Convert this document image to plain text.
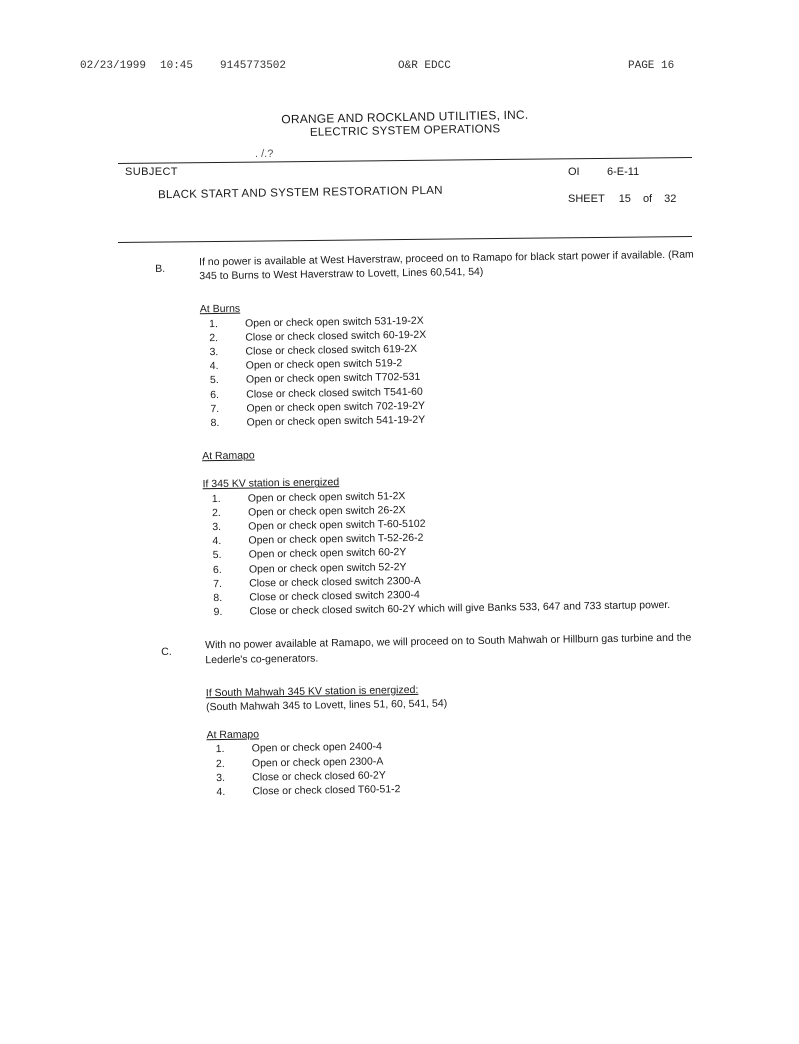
02/23/1999 10:45 9145773502	O&R EDCC	PAGE 16
ORANGE AND ROCKLAND UTILITIES, INC.
ELECTRIC SYSTEM OPERATIONS
. /.?
SUBJECT
BLACK START AND SYSTEM RESTORATION PLAN
OI 6-E-11
SHEET 15 of 32
B.
If no power is available at West Haverstraw, proceed on to Ramapo for black start power if available. (Ram 345 to Burns to West Haverstraw to Lovett, Lines 60,541, 54)
At Burns
1.	Open or check open switch 531-19-2X
2.	Close or check closed switch 60-19-2X
3.	Close or check closed switch 619-2X
4.	Open or check open switch 519-2
5.	Open or check open switch T702-531
6.	Close or check closed switch T541-60
7.	Open or check open switch 702-19-2Y
8.	Open or check open switch 541-19-2Y
At Ramapo
If 345 KV station is energized
1.	Open or check open switch 51-2X
2.	Open or check open switch 26-2X
3.	Open or check open switch T-60-5102
4.	Open or check open switch T-52-26-2
5.	Open or check open switch 60-2Y
6.	Open or check open switch 52-2Y
7.	Close or check closed switch 2300-A
8.	Close or check closed switch 2300-4
9.	Close or check closed switch 60-2Y which will give Banks 533, 647 and 733 startup power.
C.
With no power available at Ramapo, we will proceed on to South Mahwah or Hillburn gas turbine and the Lederle's co-generators.
If South Mahwah 345 KV station is energized:
(South Mahwah 345 to Lovett, lines 51, 60, 541, 54)
At Ramapo
1.	Open or check open 2400-4
2.	Open or check open 2300-A
3.	Close or check closed 60-2Y
4.	Close or check closed T60-51-2
